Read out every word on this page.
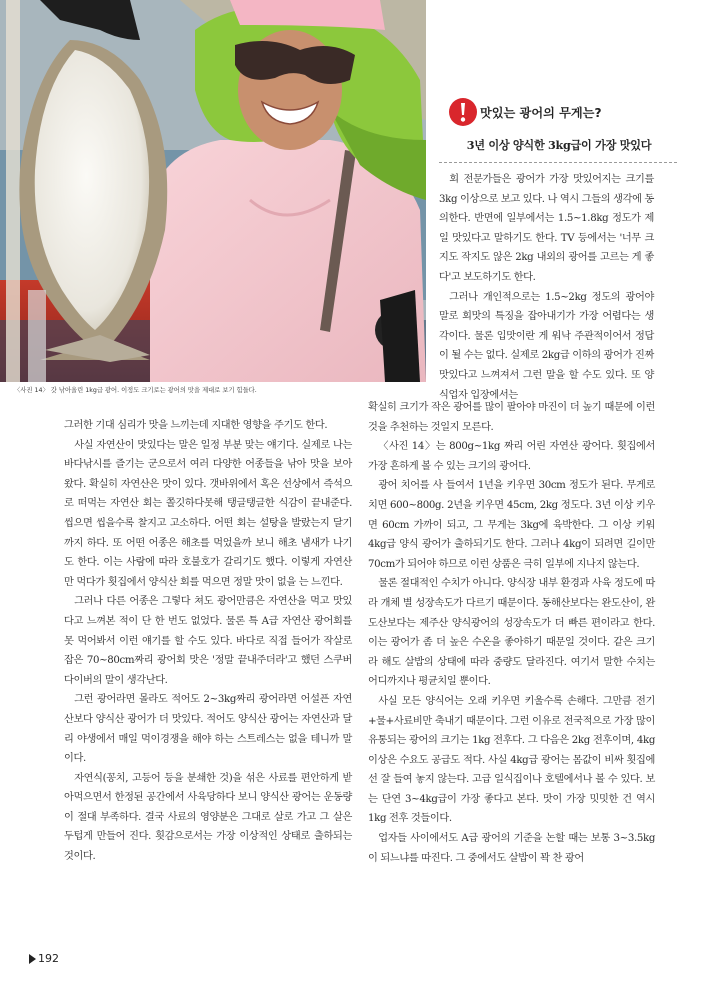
〈사진 14〉 갓 낚아올린 1kg급 광어. 이정도 크기로는 광어의 맛을 제대로 보기 힘들다.
맛있는 광어의 무게는?
3년 이상 양식한 3kg급이 가장 맛있다

회 전문가들은 광어가 가장 맛있어지는 크기를 3kg 이상으로 보고 있다. 나 역시 그들의 생각에 동의한다. 반면에 일부에서는 1.5~1.8kg 정도가 제일 맛있다고 말하기도 한다. TV 등에서는 '너무 크지도 작지도 않은 2kg 내외의 광어를 고르는 게 좋다'고 보도하기도 한다.

그러나 개인적으로는 1.5~2kg 정도의 광어야말로 회맛의 특징을 잡아내기가 가장 어렵다는 생각이다. 물론 입맛이란 게 워낙 주관적이어서 정답이 될 수는 없다. 실제로 2kg급 이하의 광어가 진짜 맛있다고 느껴져서 그런 말을 할 수도 있다. 또 양식업자 입장에서는

그러한 기대 심리가 맛을 느끼는데 지대한 영향을 주기도 한다.

사실 자연산이 맛있다는 말은 일정 부분 맞는 얘기다. 실제로 나는 바다낚시를 즐기는 군으로서 여러 다양한 어종들을 낚아 맛을 보아 왔다. 확실히 자연산은 맛이 있다. 갯바위에서 혹은 선상에서 즉석으로 떠먹는 자연산 회는 쫄깃하다못해 탱글탱글한 식감이 끝내준다. 씹으면 씹을수록 찰지고 고소하다. 어떤 회는 설탕을 발랐는지 달기까지 하다. 또 어떤 어종은 해초를 먹었을까 보니 해초 냄새가 나기도 한다. 이는 사람에 따라 호불호가 갈리기도 했다. 이렇게 자연산만 먹다가 횟집에서 양식산 회를 먹으면 정말 맛이 없을 는 느낀다.

그러나 다른 어종은 그렇다 쳐도 광어만큼은 자연산을 먹고 맛있다고 느껴본 적이 단 한 번도 없었다. 물론 특 A급 자연산 광어회를 못 먹어봐서 이런 얘기를 할 수도 있다. 바다로 직접 들어가 작살로 잡은 70~80cm짜리 광어회 맛은 '정말 끝내주더라'고 했던 스쿠버 다이버의 말이 생각난다.

그런 광어라면 몰라도 적어도 2~3kg짜리 광어라면 어설픈 자연산보다 양식산 광어가 더 맛있다. 적어도 양식산 광어는 자연산과 달리 야생에서 매일 먹이경쟁을 해야 하는 스트레스는 없을 테니까 말이다.

자연식(꽁치, 고등어 등을 분쇄한 것)을 섞은 사료를 편안하게 받아먹으면서 한정된 공간에서 사육당하다 보니 양식산 광어는 운동량이 절대 부족하다. 결국 사료의 영양분은 그대로 살로 가고 그 살은 두텁게 만들어 진다. 횟감으로서는 가장 이상적인 상태로 출하되는 것이다.

확실히 크기가 작은 광어를 많이 팔아야 마진이 더 높기 때문에 이런 것을 추천하는 것일지 모른다.

〈사진 14〉는 800g~1kg 짜리 어린 자연산 광어다. 횟집에서 가장 흔하게 볼 수 있는 크기의 광어다.

광어 치어를 사 들여서 1년을 키우면 30cm 정도가 된다. 무게로 치면 600~800g. 2년을 키우면 45cm, 2kg 정도다. 3년 이상 키우면 60cm 가까이 되고, 그 무게는 3kg에 육박한다. 그 이상 키워 4kg급 양식 광어가 출하되기도 한다. 그러나 4kg이 되려면 길이만 70cm가 되어야 하므로 이런 상품은 극히 일부에 지나지 않는다.

물론 절대적인 수치가 아니다. 양식장 내부 환경과 사육 정도에 따라 개체 별 성장속도가 다르기 때문이다. 동해산보다는 완도산이, 완도산보다는 제주산 양식광어의 성장속도가 더 빠른 편이라고 한다. 이는 광어가 좀 더 높은 수온을 좋아하기 때문일 것이다. 같은 크기라 해도 살밥의 상태에 따라 중량도 달라진다. 여기서 말한 수치는 어디까지나 평균치일 뿐이다.

사실 모든 양식어는 오래 키우면 키울수록 손해다. 그만큼 전기+물+사료비만 축내기 때문이다. 그런 이유로 전국적으로 가장 많이 유통되는 광어의 크기는 1kg 전후다. 그 다음은 2kg 전후이며, 4kg 이상은 수요도 공급도 적다. 사실 4kg급 광어는 몸값이 비싸 횟집에선 잘 들여 놓지 않는다. 고급 일식집이나 호텔에서나 볼 수 있다. 보는 단연 3~4kg급이 가장 좋다고 본다. 맛이 가장 밋밋한 건 역시 1kg 전후 것들이다.

업자들 사이에서도 A급 광어의 기준을 논할 때는 보통 3~3.5kg이 되느냐를 따진다. 그 중에서도 살밥이 꽉 찬 광어

192
